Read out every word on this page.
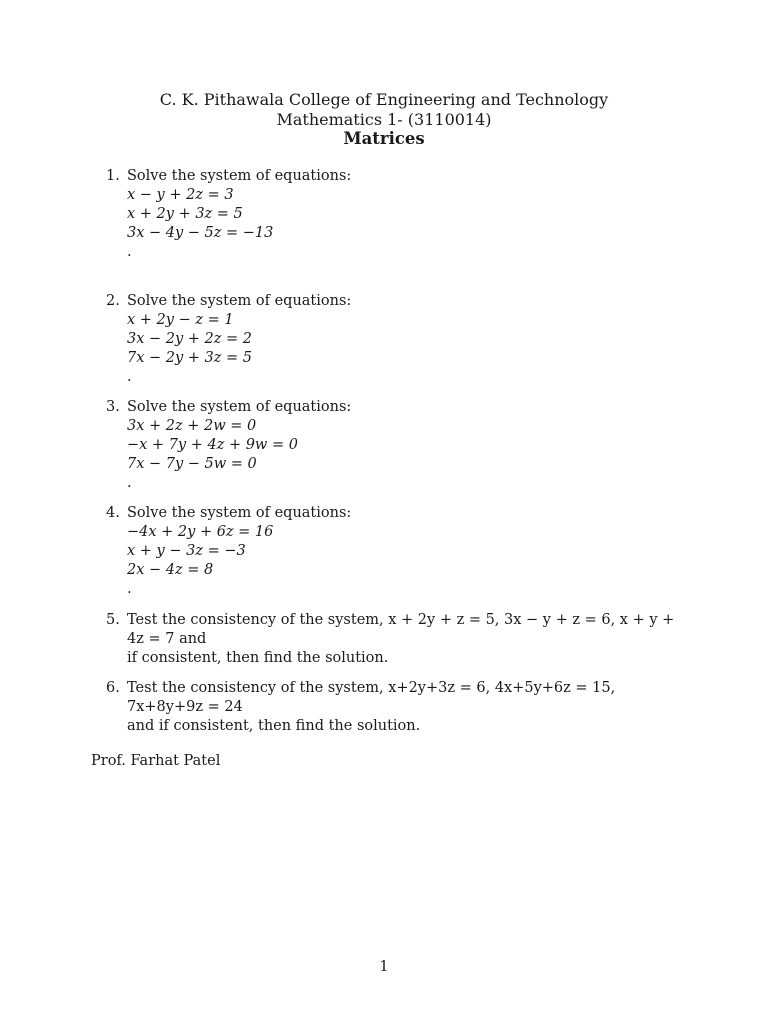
C. K. Pithawala College of Engineering and Technology
Mathematics 1- (3110014)
Matrices
1. Solve the system of equations:

x − y + 2z = 3
x + 2y + 3z = 5
3x − 4y − 5z = −13
.
2. Solve the system of equations:

x + 2y − z = 1
3x − 2y + 2z = 2
7x − 2y + 3z = 5
.
3. Solve the system of equations:

3x + 2z + 2w = 0
−x + 7y + 4z + 9w = 0
7x − 7y − 5w = 0
.
4. Solve the system of equations:

−4x + 2y + 6z = 16
x + y − 3z = −3
2x − 4z = 8
.
5. Test the consistency of the system, x + 2y + z = 5, 3x − y + z = 6, x + y + 4z = 7 and

if consistent, then find the solution.

6. Test the consistency of the system, x+2y+3z = 6, 4x+5y+6z = 15, 7x+8y+9z = 24

and if consistent, then find the solution.

Prof. Farhat Patel
1
